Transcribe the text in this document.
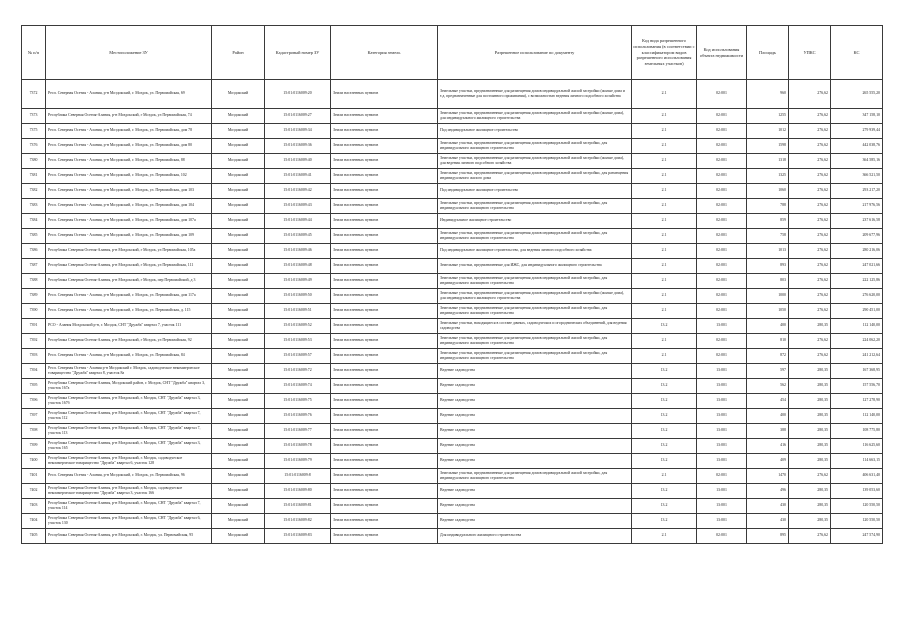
№ п/п	Местоположение ЗУ	Район	Кадастровый номер ЗУ	Категория земель	Разрешенное использование по документу	Код вида разрешенного использования (в соответствии с классификатором видов разрешенного использования земельных участков)	Код использования объекта недвижимости	Площадь	УПКС	КС
7372	Респ. Северная Осетия - Алания, р-н Моздокский, г. Моздок, ул. Первомайская, 69	Моздокский	15:01:0116009:20	Земли населенных пунктов	Земельные участки, предназначенные для размещения домов индивидуальной жилой застройки (жилые дома и т.д. предназначенные для постоянного проживания), с возможностью ведения личного подсобного хозяйства	2.1	02:001	960	276,62	265 555,20
7373	Республика Северная Осетия-Алания, р-н Моздокский, г Моздок, ул Первомайская, 74	Моздокский	15:01:0116009:27	Земли населенных пунктов	Земельные участки, предназначенные для размещения домов индивидуальной жилой застройки (жилые дома), для индивидуального жилищного строительства	2.1	02:001	1255	276,62	347 158,10
7375	Респ. Северная Осетия - Алания, р-н Моздокский, г. Моздок, ул. Первомайская, дом 78	Моздокский	15:01:0116009:34	Земли населенных пунктов	Под индивидуальное жилищное строительство	2.1	02:001	1012	276,62	279 939,44
7376	Респ. Северная Осетия - Алания, р-н Моздокский, г. Моздок, ул. Первомайская, дом 80	Моздокский	15:01:0116009:36	Земли населенных пунктов	Земельные участки, предназначенные для размещения домов индивидуальной жилой застройки, для индивидуального жилищного строительства	2.1	02:001	1598	276,62	442 038,76
7380	Респ. Северная Осетия - Алания, р-н Моздокский, г. Моздок, ул. Первомайская, 88	Моздокский	15:01:0116009:40	Земли населенных пунктов	Земельные участки, предназначенные для размещения домов индивидуальной жилой застройки (жилые дома), для ведения личного подсобного хозяйства	2.1	02:001	1318	276,62	364 585,16
7381	Респ. Северная Осетия - Алания, р-н Моздокский, г. Моздок, ул. Первомайская, 102	Моздокский	15:01:0116009:41	Земли населенных пунктов	Земельные участки, предназначенные для размещения домов индивидуальной жилой застройки, для размещения индивидуального жилого дома	2.1	02:001	1325	276,62	366 521,50
7382	Респ. Северная Осетия - Алания, р-н Моздокский, г. Моздок, ул. Первомайская, дом 103	Моздокский	15:01:0116009:42	Земли населенных пунктов	Под индивидуальное жилищное строительство	2.1	02:001	1060	276,62	293 217,20
7383	Респ. Северная Осетия - Алания, р-н Моздокский, г. Моздок, ул. Первомайская, дом 104	Моздокский	15:01:0116009:43	Земли населенных пунктов	Земельные участки, предназначенные для размещения домов индивидуальной жилой застройки, для индивидуального жилищного строительства	2.1	02:001	788	276,62	217 976,56
7384	Респ. Северная Осетия - Алания, р-н Моздокский, г. Моздок, ул. Первомайская, дом 107а	Моздокский	15:01:0116009:44	Земли населенных пунктов	Индивидуальное жилищное строительство	2.1	02:001	859	276,62	237 616,58
7385	Респ. Северная Осетия - Алания, р-н Моздокский, г. Моздок, ул. Первомайская, дом 109	Моздокский	15:01:0116009:45	Земли населенных пунктов	Земельные участки, предназначенные для размещения домов индивидуальной жилой застройки, для индивидуального жилищного строительства	2.1	02:001	758	276,62	209 677,96
7386	Республика Северная Осетия-Алания, р-н Моздокский, г Моздок, ул Первомайская, 105а	Моздокский	15:01:0116009:46	Земли населенных пунктов	Под индивидуальное жилищное строительство, для ведения личного подсобного хозяйства	2.1	02:001	1013	276,62	280 216,06
7387	Республика Северная Осетия-Алания, р-н Моздокский, г Моздок, ул Первомайская, 111	Моздокский	15:01:0116009:48	Земли населенных пунктов	Земельные участки, предназначенные для ИЖС, для индивидуального жилищного строительства	2.1	02:001	893	276,62	247 021,66
7388	Республика Северная Осетия-Алания, р-н Моздокский, г Моздок, пер Первомайский, д 3	Моздокский	15:01:0116009:49	Земли населенных пунктов	Земельные участки, предназначенные для размещения домов индивидуальной жилой застройки, для индивидуального жилищного строительства	2.1	02:001	803	276,62	222 125,86
7389	Респ. Северная Осетия - Алания, р-н Моздокский, г. Моздок, ул. Первомайская, дом 117а	Моздокский	15:01:0116009:50	Земли населенных пунктов	Земельные участки, предназначенные для размещения домов индивидуальной жилой застройки (жилые дома), для индивидуального жилищного строительства	2.1	02:001	1000	276,62	276 620,00
7390	Респ. Северная Осетия - Алания, р-н Моздокский, г. Моздок, ул. Первомайская, д. 115	Моздокский	15:01:0116009:51	Земли населенных пунктов	Земельные участки, предназначенные для размещения домов индивидуальной жилой застройки, для индивидуального жилищного строительства	2.1	02:001	1050	276,62	290 451,00
7391	РСО - Алания Моздокский р-н, г. Моздок, СНТ "Дружба" квартал 7, участок 111	Моздокский	15:01:0116009:52	Земли населенных пунктов	Земельные участки, находящиеся в составе дачных, садоводческих и огороднических объединений, для ведения садоводства	13.2	13:001	400	280,35	112 140,00
7392	Республика Северная Осетия-Алания, р-н Моздокский, г Моздок, ул Первомайская, 92	Моздокский	15:01:0116009:53	Земли населенных пунктов	Земельные участки, предназначенные для размещения домов индивидуальной жилой застройки, для индивидуального жилищного строительства	2.1	02:001	810	276,62	224 062,20
7393	Респ. Северная Осетия - Алания, р-н Моздокский, г. Моздок, ул. Первомайская, 84	Моздокский	15:01:0116009:57	Земли населенных пунктов	Земельные участки, предназначенные для размещения домов индивидуальной жилой застройки, для индивидуального жилищного строительства	2.1	02:001	872	276,62	241 212,64
7394	Респ. Северная Осетия - Алания р-н Моздокский г. Моздок, садоводческое некоммерческое товарищество "Дружба" квартал 8, участок 8а	Моздокский	15:01:0116009:72	Земли населенных пунктов	Ведение садоводства	13.2	13:001	597	280,35	167 368,95
7395	Республика Северная Осетия-Алания, Моздокский район, г. Моздок, СНТ "Дружба" квартал 3, участок 167а	Моздокский	15:01:0116009:74	Земли населенных пунктов	Ведение садоводства	13.2	13:001	562	280,35	157 556,70
7396	Республика Северная Осетия-Алания, р-н Моздокский, г. Моздок, СНТ "Дружба" квартал 3, участок 167б	Моздокский	15:01:0116009:75	Земли населенных пунктов	Ведение садоводства	13.2	13:001	454	280,35	127 278,90
7397	Республика Северная Осетия-Алания, р-н Моздокский, г. Моздок, СНТ "Дружба" квартал 7, участок 112	Моздокский	15:01:0116009:76	Земли населенных пунктов	Ведение садоводства	13.2	13:001	400	280,35	112 140,00
7398	Республика Северная Осетия-Алания, р-н Моздокский, г. Моздок, СНТ "Дружба" квартал 7, участок 113	Моздокский	15:01:0116009:77	Земли населенных пунктов	Ведение садоводства	13.2	13:001	388	280,35	108 775,80
7399	Республика Северная Осетия-Алания, р-н Моздокский, г. Моздок, СНТ "Дружба" квартал 3, участок 165	Моздокский	15:01:0116009:78	Земли населенных пунктов	Ведение садоводства	13.2	13:001	416	280,35	116 625,60
7400	Республика Северная Осетия-Алания, р-н Моздокский, г. Моздок, садоводческое некоммерческое товарищество "Дружба" квартал 6, участок 128	Моздокский	15:01:0116009:79	Земли населенных пунктов	Ведение садоводства	13.2	13:001	409	280,35	114 663,15
7401	Респ. Северная Осетия - Алания, р-н Моздокский, г. Моздок, ул. Первомайская, 96	Моздокский	15:01:0116009:8	Земли населенных пунктов	Земельные участки, предназначенные для размещения домов индивидуальной жилой застройки, для индивидуального жилищного строительства	2.1	02:001	1470	276,62	406 631,40
7402	Республика Северная Осетия-Алания, р-н Моздокский, г. Моздок, садоводческое некоммерческое товарищество "Дружба" квартал 3, участок 166	Моздокский	15:01:0116009:80	Земли населенных пунктов	Ведение садоводства	13.2	13:001	496	280,35	139 053,60
7403	Республика Северная Осетия-Алания, р-н Моздокский, г. Моздок, СНТ "Дружба" квартал 7, участок 114	Моздокский	15:01:0116009:81	Земли населенных пунктов	Ведение садоводства	13.2	13:001	430	280,35	120 550,50
7404	Республика Северная Осетия-Алания, р-н Моздокский, г. Моздок, СНТ "Дружба" квартал 6, участок 130	Моздокский	15:01:0116009:82	Земли населенных пунктов	Ведение садоводства	13.2	13:001	430	280,35	120 550,50
7405	Республика Северная Осетия-Алания, р-н Моздокский, г. Моздок, ул. Первомайская, 95	Моздокский	15:01:0116009:83	Земли населенных пунктов	Для индивидуального жилищного строительства	2.1	02:001	895	276,62	247 574,90
